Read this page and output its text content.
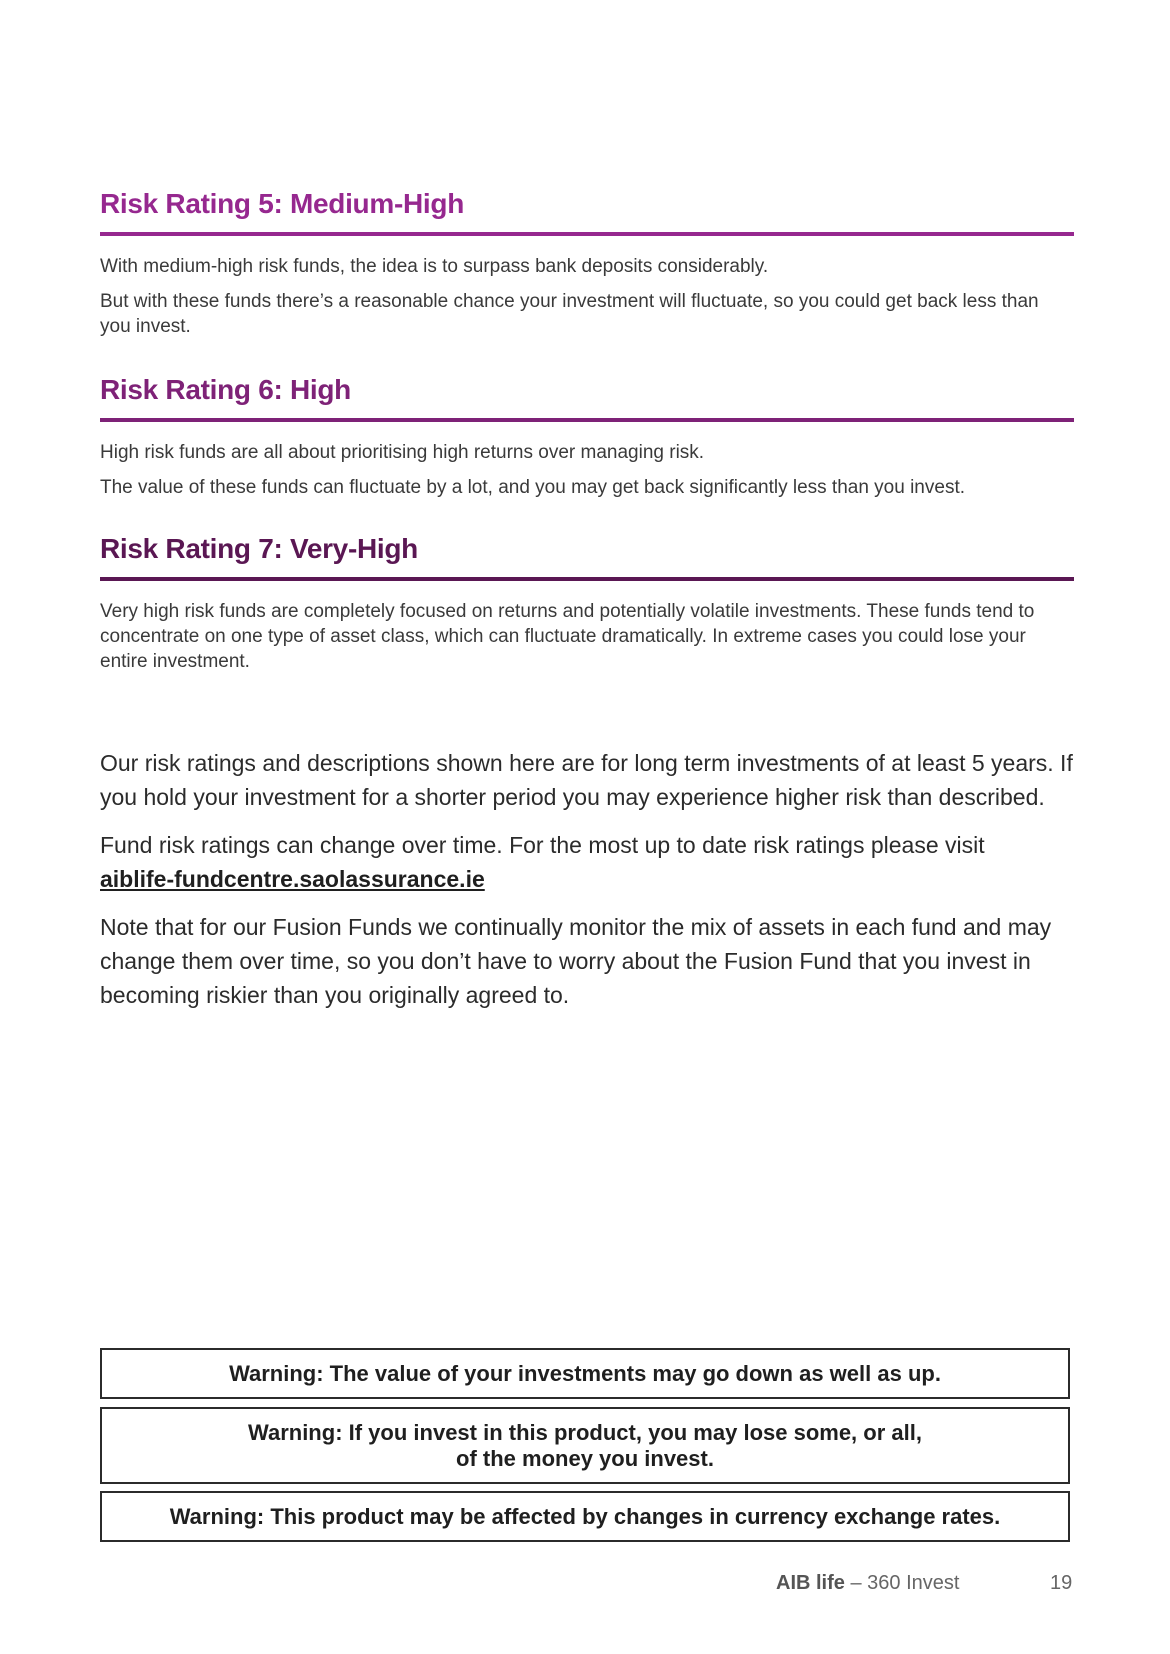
Risk Rating 5: Medium-High

With medium-high risk funds, the idea is to surpass bank deposits considerably.

But with these funds there’s a reasonable chance your investment will fluctuate, so you could get back less than you invest.

Risk Rating 6: High

High risk funds are all about prioritising high returns over managing risk.

The value of these funds can fluctuate by a lot, and you may get back significantly less than you invest.

Risk Rating 7: Very-High

Very high risk funds are completely focused on returns and potentially volatile investments. These funds tend to concentrate on one type of asset class, which can fluctuate dramatically. In extreme cases you could lose your entire investment.

Our risk ratings and descriptions shown here are for long term investments of at least 5 years. If you hold your investment for a shorter period you may experience higher risk than described.

Fund risk ratings can change over time. For the most up to date risk ratings please visit
aiblife-fundcentre.saolassurance.ie

Note that for our Fusion Funds we continually monitor the mix of assets in each fund and may change them over time, so you don’t have to worry about the Fusion Fund that you invest in becoming riskier than you originally agreed to.

Warning: The value of your investments may go down as well as up.
Warning: If you invest in this product, you may lose some, or all,
of the money you invest.
Warning: This product may be affected by changes in currency exchange rates.
AIB life – 360 Invest	19
